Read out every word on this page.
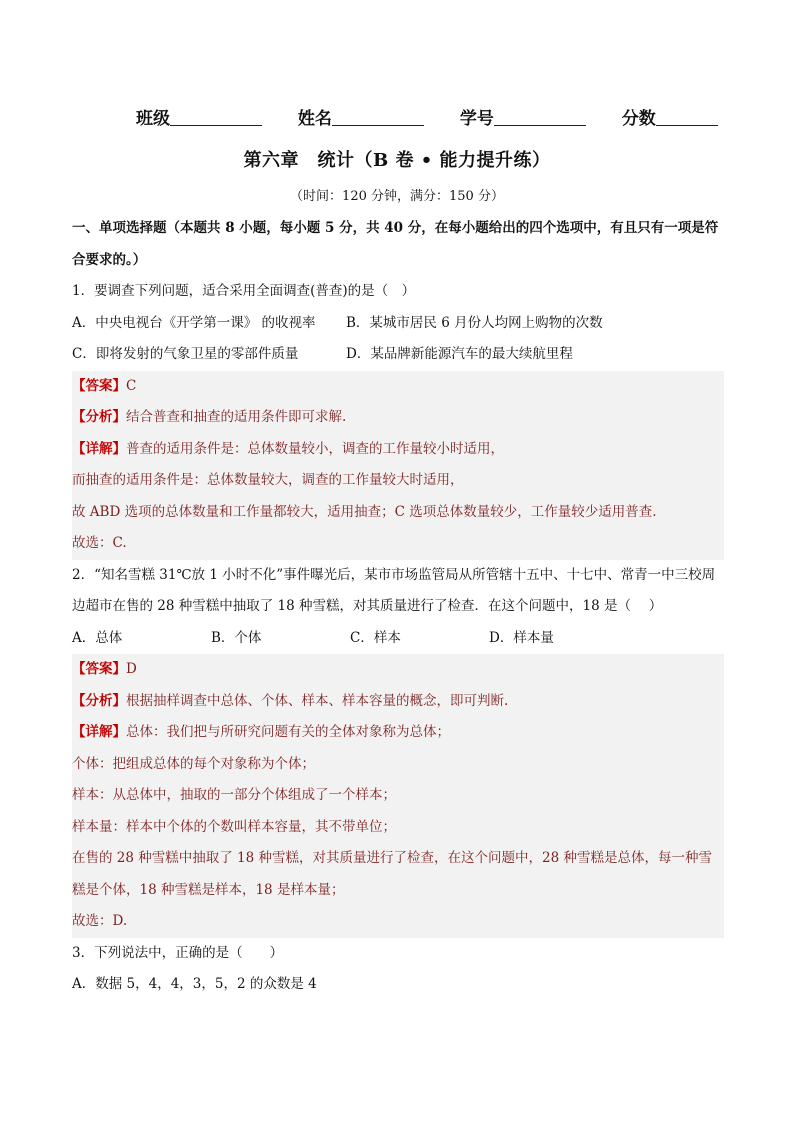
班级	姓名	学号	分数
第六章　统计（B 卷 • 能力提升练）
（时间：120 分钟，满分：150 分）
一、单项选择题（本题共 8 小题，每小题 5 分，共 40 分，在每小题给出的四个选项中，有且只有一项是符合要求的。）
1．要调查下列问题，适合采用全面调查(普查)的是（　）
A．中央电视台《开学第一课》 的收视率 B．某城市居民 6 月份人均网上购物的次数
C．即将发射的气象卫星的零部件质量	D．某品牌新能源汽车的最大续航里程
【答案】C
【分析】结合普查和抽查的适用条件即可求解.
【详解】普查的适用条件是：总体数量较小，调查的工作量较小时适用，
而抽查的适用条件是：总体数量较大，调查的工作量较大时适用，
故 ABD 选项的总体数量和工作量都较大，适用抽查；C 选项总体数量较少，工作量较少适用普查.
故选：C.
2．“知名雪糕 31℃放 1 小时不化”事件曝光后，某市市场监管局从所管辖十五中、十七中、常青一中三校周
边超市在售的 28 种雪糕中抽取了 18 种雪糕，对其质量进行了检查．在这个问题中，18 是（　 ）
A．总体	B．个体	C．样本	D．样本量
【答案】D
【分析】根据抽样调查中总体、个体、样本、样本容量的概念，即可判断.
【详解】总体：我们把与所研究问题有关的全体对象称为总体；
个体：把组成总体的每个对象称为个体；
样本：从总体中，抽取的一部分个体组成了一个样本；
样本量：样本中个体的个数叫样本容量，其不带单位；
在售的 28 种雪糕中抽取了 18 种雪糕，对其质量进行了检查，在这个问题中，28 种雪糕是总体，每一种雪
糕是个体，18 种雪糕是样本，18 是样本量；
故选：D.
3．下列说法中，正确的是（　　）
A．数据 5，4，4，3，5，2 的众数是 4
